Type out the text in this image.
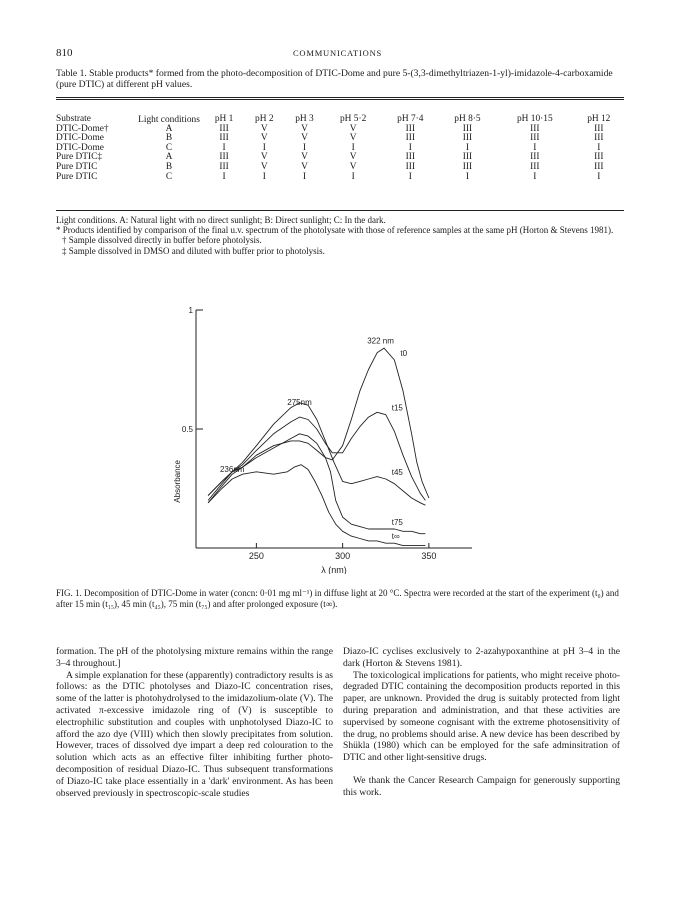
810	COMMUNICATIONS
Table 1. Stable products* formed from the photo-decomposition of DTIC-Dome and pure 5-(3,3-dimethyltriazen-1-yl)-imidazole-4-carboxamide (pure DTIC) at different pH values.
Substrate	Light conditions	pH 1	pH 2	pH 3	pH 5·2	pH 7·4	pH 8·5	pH 10·15	pH 12
DTIC-Dome†	A	III	V	V	V	III	III	III	III
DTIC-Dome	B	III	V	V	V	III	III	III	III
DTIC-Dome	C	I	I	I	I	I	I	I	I
Pure DTIC‡	A	III	V	V	V	III	III	III	III
Pure DTIC	B	III	V	V	V	III	III	III	III
Pure DTIC	C	I	I	I	I	I	I	I	I
Light conditions. A: Natural light with no direct sunlight; B: Direct sunlight; C: In the dark.
* Products identified by comparison of the final u.v. spectrum of the photolysate with those of reference samples at the same pH (Horton & Stevens 1981).
† Sample dissolved directly in buffer before photolysis.
‡ Sample dissolved in DMSO and diluted with buffer prior to photolysis.
1
0.5
250	300	350
λ (nm)
Absorbance
t0
t15
t45
t75
t∞
322 nm
275nm
236nm
FIG. 1. Decomposition of DTIC-Dome in water (concn: 0·01 mg ml⁻¹) in diffuse light at 20 °C. Spectra were recorded at the start of the experiment (t₀) and after 15 min (t₁₅), 45 min (t₄₅), 75 min (t₇₅) and after prolonged exposure (t∞).

formation. The pH of the photolysing mixture remains within the range 3–4 throughout.]

A simple explanation for these (apparently) contradictory results is as follows: as the DTIC photolyses and Diazo-IC concentration rises, some of the latter is photohydrolysed to the imidazolium-olate (V). The activated π-excessive imidazole ring of (V) is susceptible to electrophilic substitution and couples with unphotolysed Diazo-IC to afford the azo dye (VIII) which then slowly precipitates from solution. However, traces of dissolved dye impart a deep red colouration to the solution which acts as an effective filter inhibiting further photo-decomposition of residual Diazo-IC. Thus subsequent transformations of Diazo-IC take place essentially in a 'dark' environment. As has been observed previously in spectroscopic-scale studies

Diazo-IC cyclises exclusively to 2-azahypoxanthine at pH 3–4 in the dark (Horton & Stevens 1981).

The toxicological implications for patients, who might receive photo-degraded DTIC containing the decomposition products reported in this paper, are unknown. Provided the drug is suitably protected from light during preparation and administration, and that these activities are supervised by someone cognisant with the extreme photosensitivity of the drug, no problems should arise. A new device has been described by Shükla (1980) which can be employed for the safe adminsitration of DTIC and other light-sensitive drugs.

We thank the Cancer Research Campaign for generously supporting this work.
